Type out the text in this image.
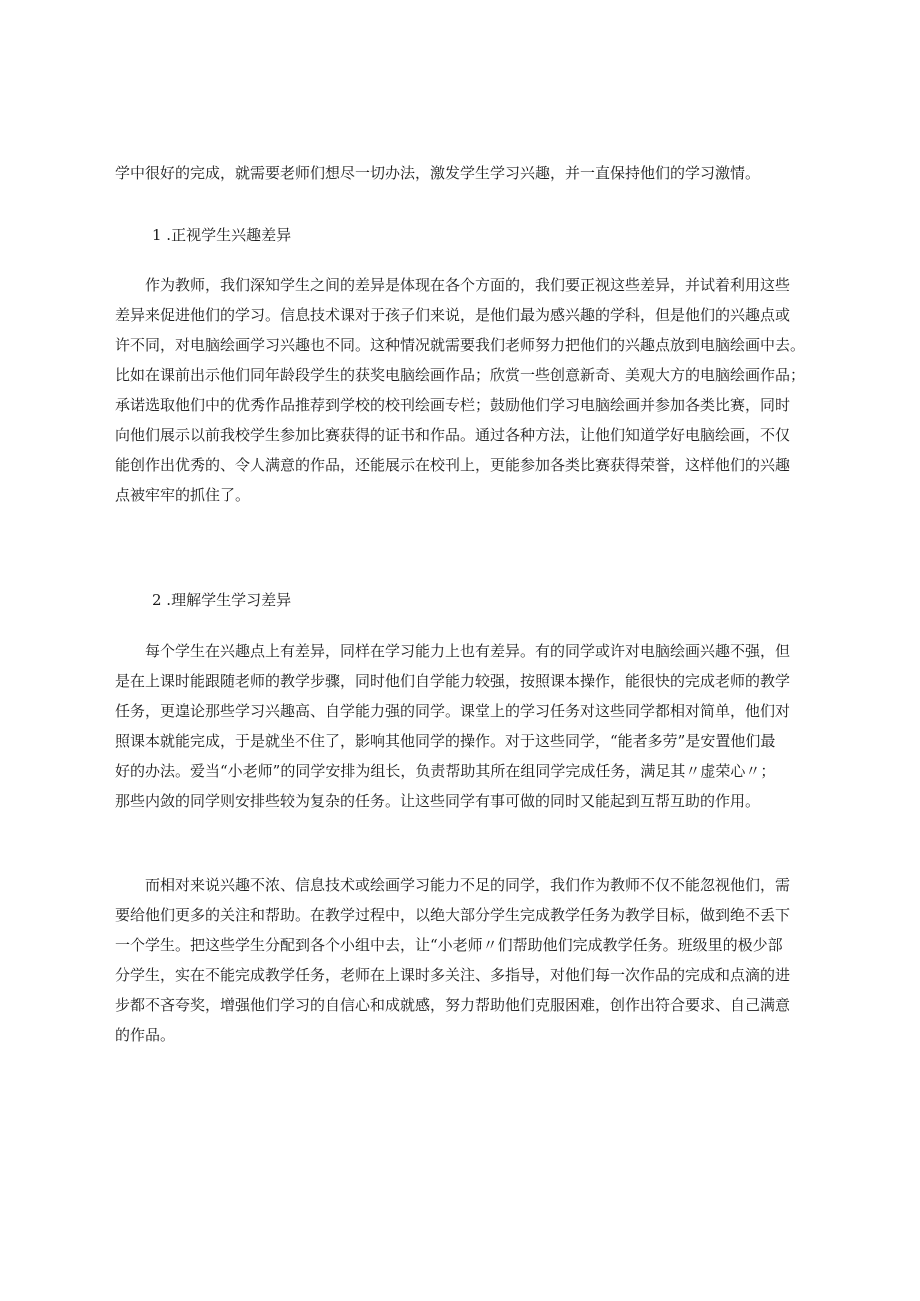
学中很好的完成，就需要老师们想尽一切办法，激发学生学习兴趣，并一直保持他们的学习激情。
1 .正视学生兴趣差异
　　作为教师，我们深知学生之间的差异是体现在各个方面的，我们要正视这些差异，并试着利用这些
差异来促进他们的学习。信息技术课对于孩子们来说，是他们最为感兴趣的学科，但是他们的兴趣点或
许不同，对电脑绘画学习兴趣也不同。这种情况就需要我们老师努力把他们的兴趣点放到电脑绘画中去。
比如在课前出示他们同年龄段学生的获奖电脑绘画作品；欣赏一些创意新奇、美观大方的电脑绘画作品；
承诺选取他们中的优秀作品推荐到学校的校刊绘画专栏；鼓励他们学习电脑绘画并参加各类比赛，同时
向他们展示以前我校学生参加比赛获得的证书和作品。通过各种方法，让他们知道学好电脑绘画，不仅
能创作出优秀的、令人满意的作品，还能展示在校刊上，更能参加各类比赛获得荣誉，这样他们的兴趣
点被牢牢的抓住了。
2 .理解学生学习差异
　　每个学生在兴趣点上有差异，同样在学习能力上也有差异。有的同学或许对电脑绘画兴趣不强，但
是在上课时能跟随老师的教学步骤，同时他们自学能力较强，按照课本操作，能很快的完成老师的教学
任务，更遑论那些学习兴趣高、自学能力强的同学。课堂上的学习任务对这些同学都相对简单，他们对
照课本就能完成，于是就坐不住了，影响其他同学的操作。对于这些同学，“能者多劳”是安置他们最
好的办法。爱当“小老师”的同学安排为组长，负责帮助其所在组同学完成任务，满足其〃虚荣心〃；
那些内敛的同学则安排些较为复杂的任务。让这些同学有事可做的同时又能起到互帮互助的作用。
　　而相对来说兴趣不浓、信息技术或绘画学习能力不足的同学，我们作为教师不仅不能忽视他们，需
要给他们更多的关注和帮助。在教学过程中，以绝大部分学生完成教学任务为教学目标，做到绝不丢下
一个学生。把这些学生分配到各个小组中去，让“小老师〃们帮助他们完成教学任务。班级里的极少部
分学生，实在不能完成教学任务，老师在上课时多关注、多指导，对他们每一次作品的完成和点滴的进
步都不吝夸奖，增强他们学习的自信心和成就感，努力帮助他们克服困难，创作出符合要求、自己满意
的作品。
